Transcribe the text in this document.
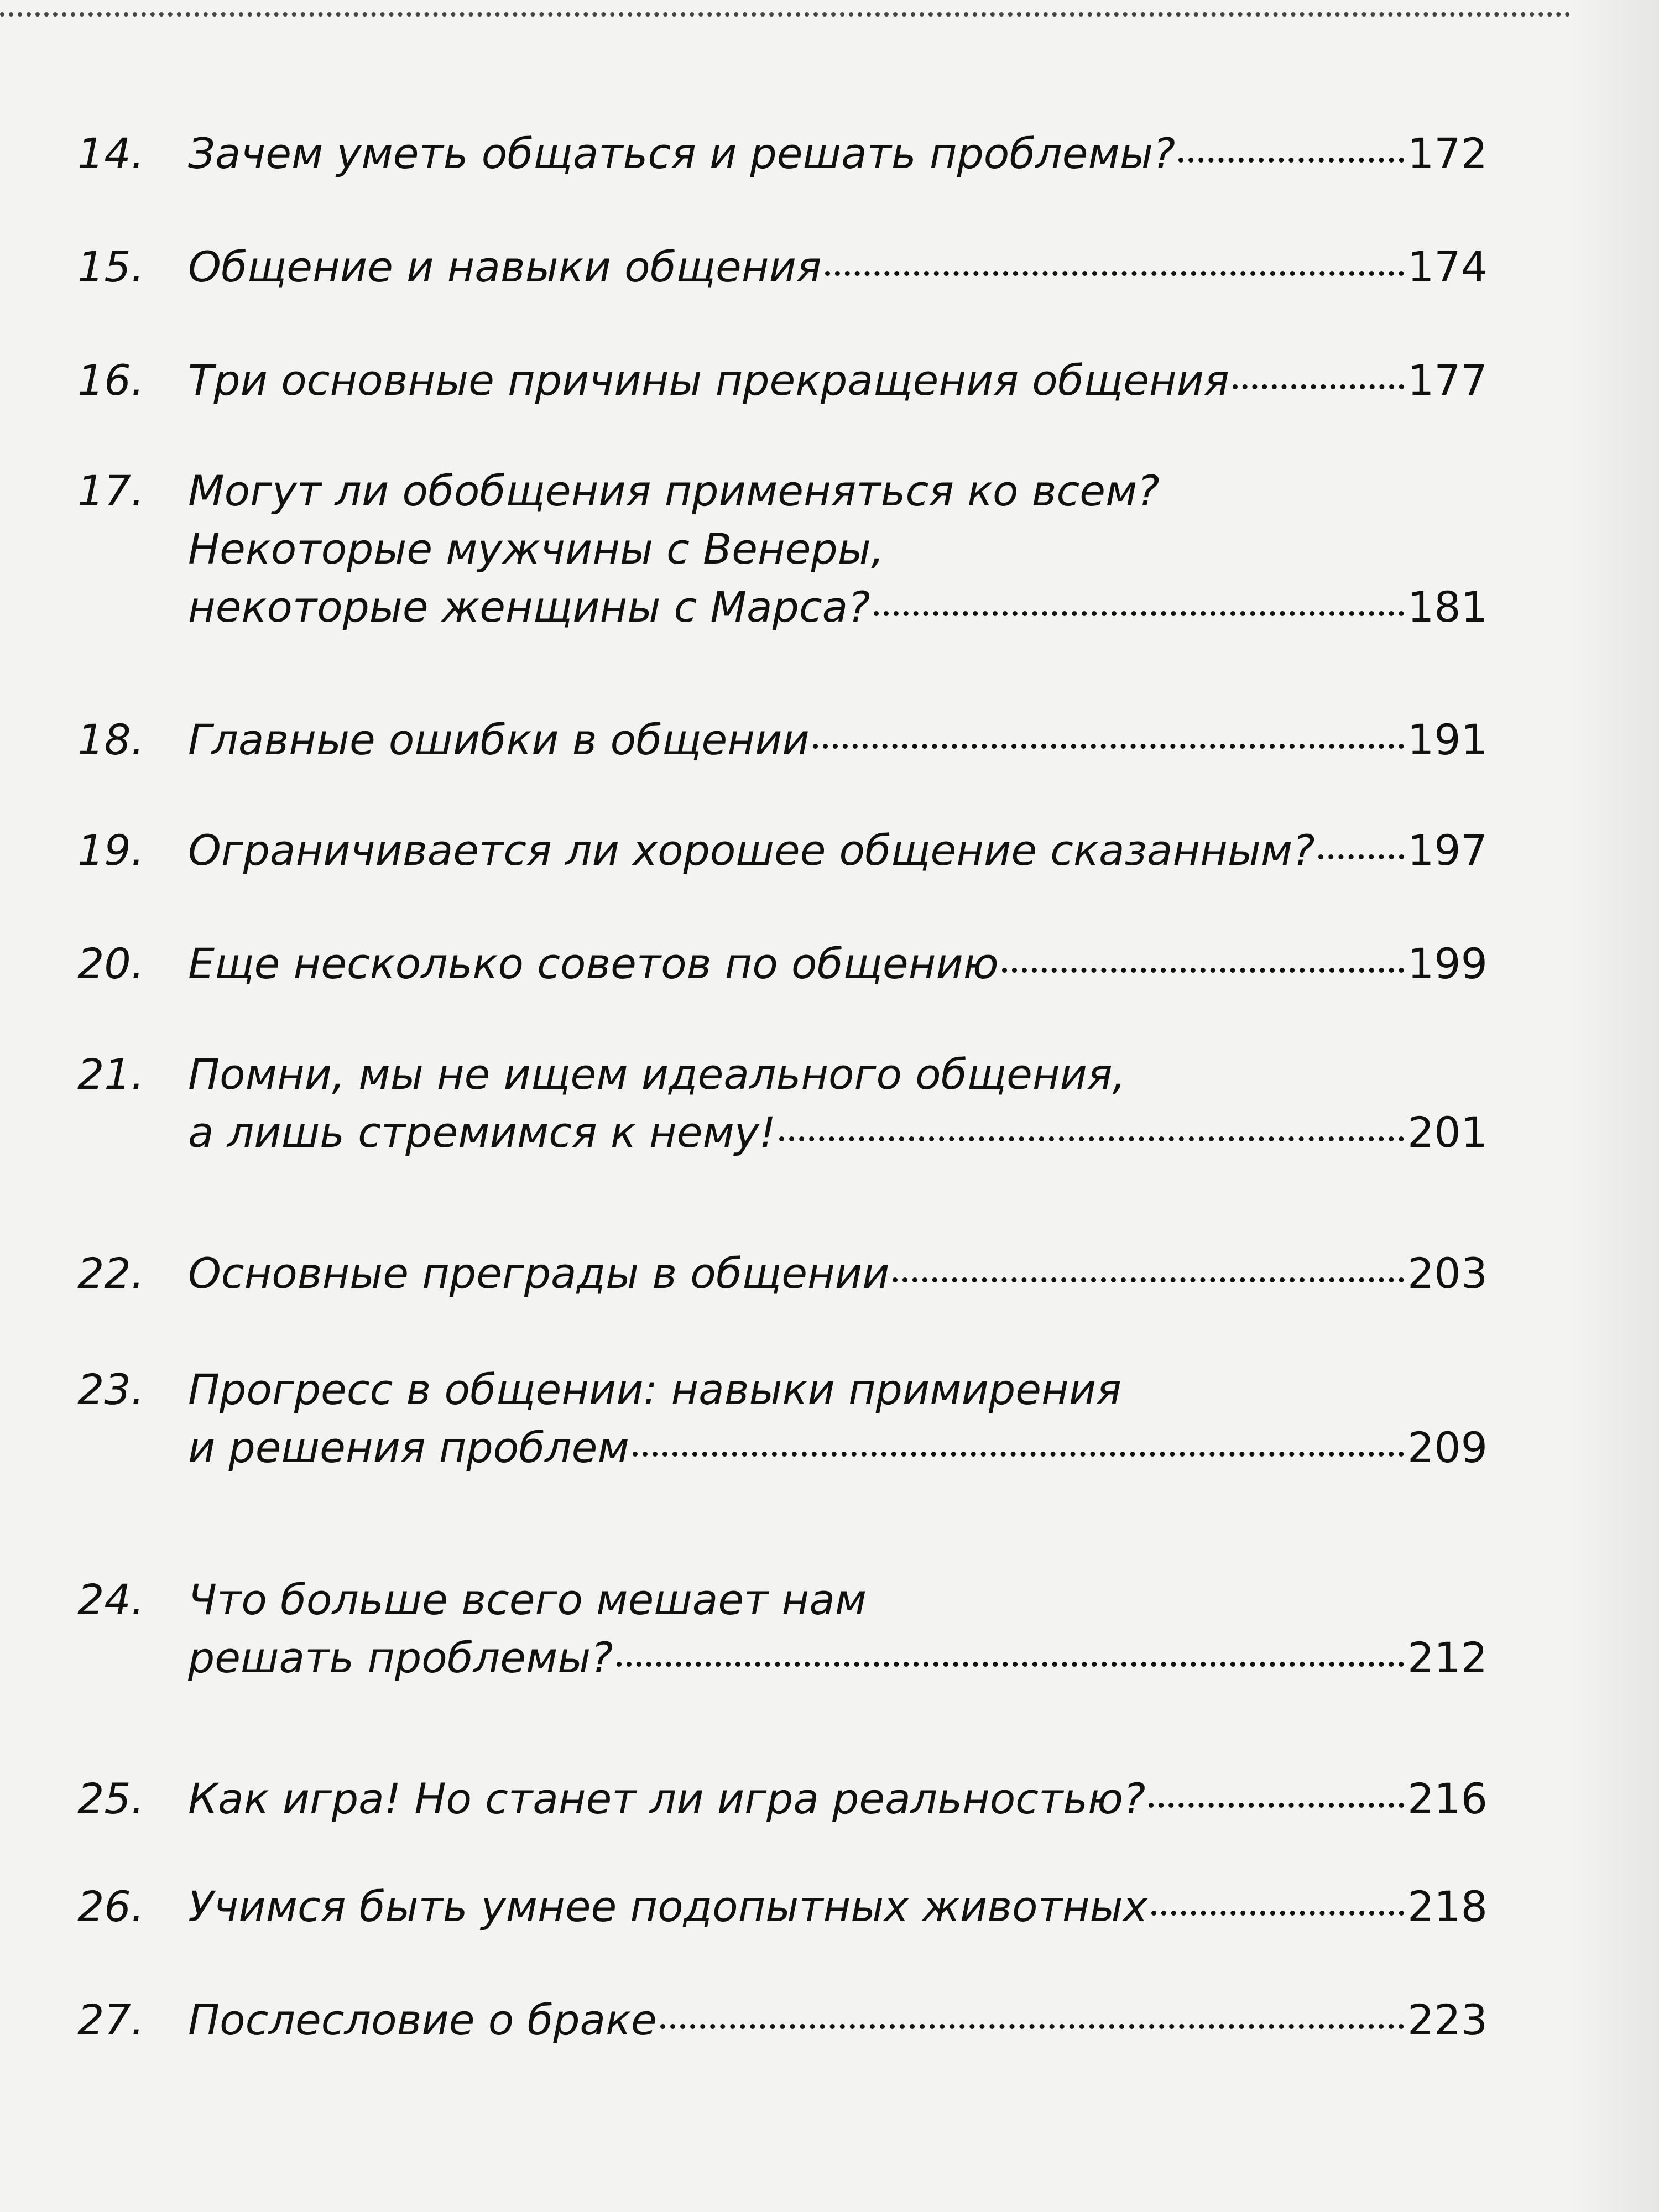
14.	Зачем уметь общаться и решать проблемы?	172
15.	Общение и навыки общения	174
16.	Три основные причины прекращения общения	177
17.	Могут ли обобщения применяться ко всем?
Некоторые мужчины с Венеры,
некоторые женщины с Марса?	181
18.	Главные ошибки в общении	191
19.	Ограничивается ли хорошее общение сказанным? 197
20.	Еще несколько советов по общению	199
21.	Помни, мы не ищем идеального общения,
а лишь стремимся к нему!	201
22.	Основные преграды в общении	203
23.	Прогресс в общении: навыки примирения
и решения проблем	209
24.	Что больше всего мешает нам
решать проблемы?	212
25.	Как игра! Но станет ли игра реальностью?	216
26.	Учимся быть умнее подопытных животных	218
27.	Послесловие о браке	223
